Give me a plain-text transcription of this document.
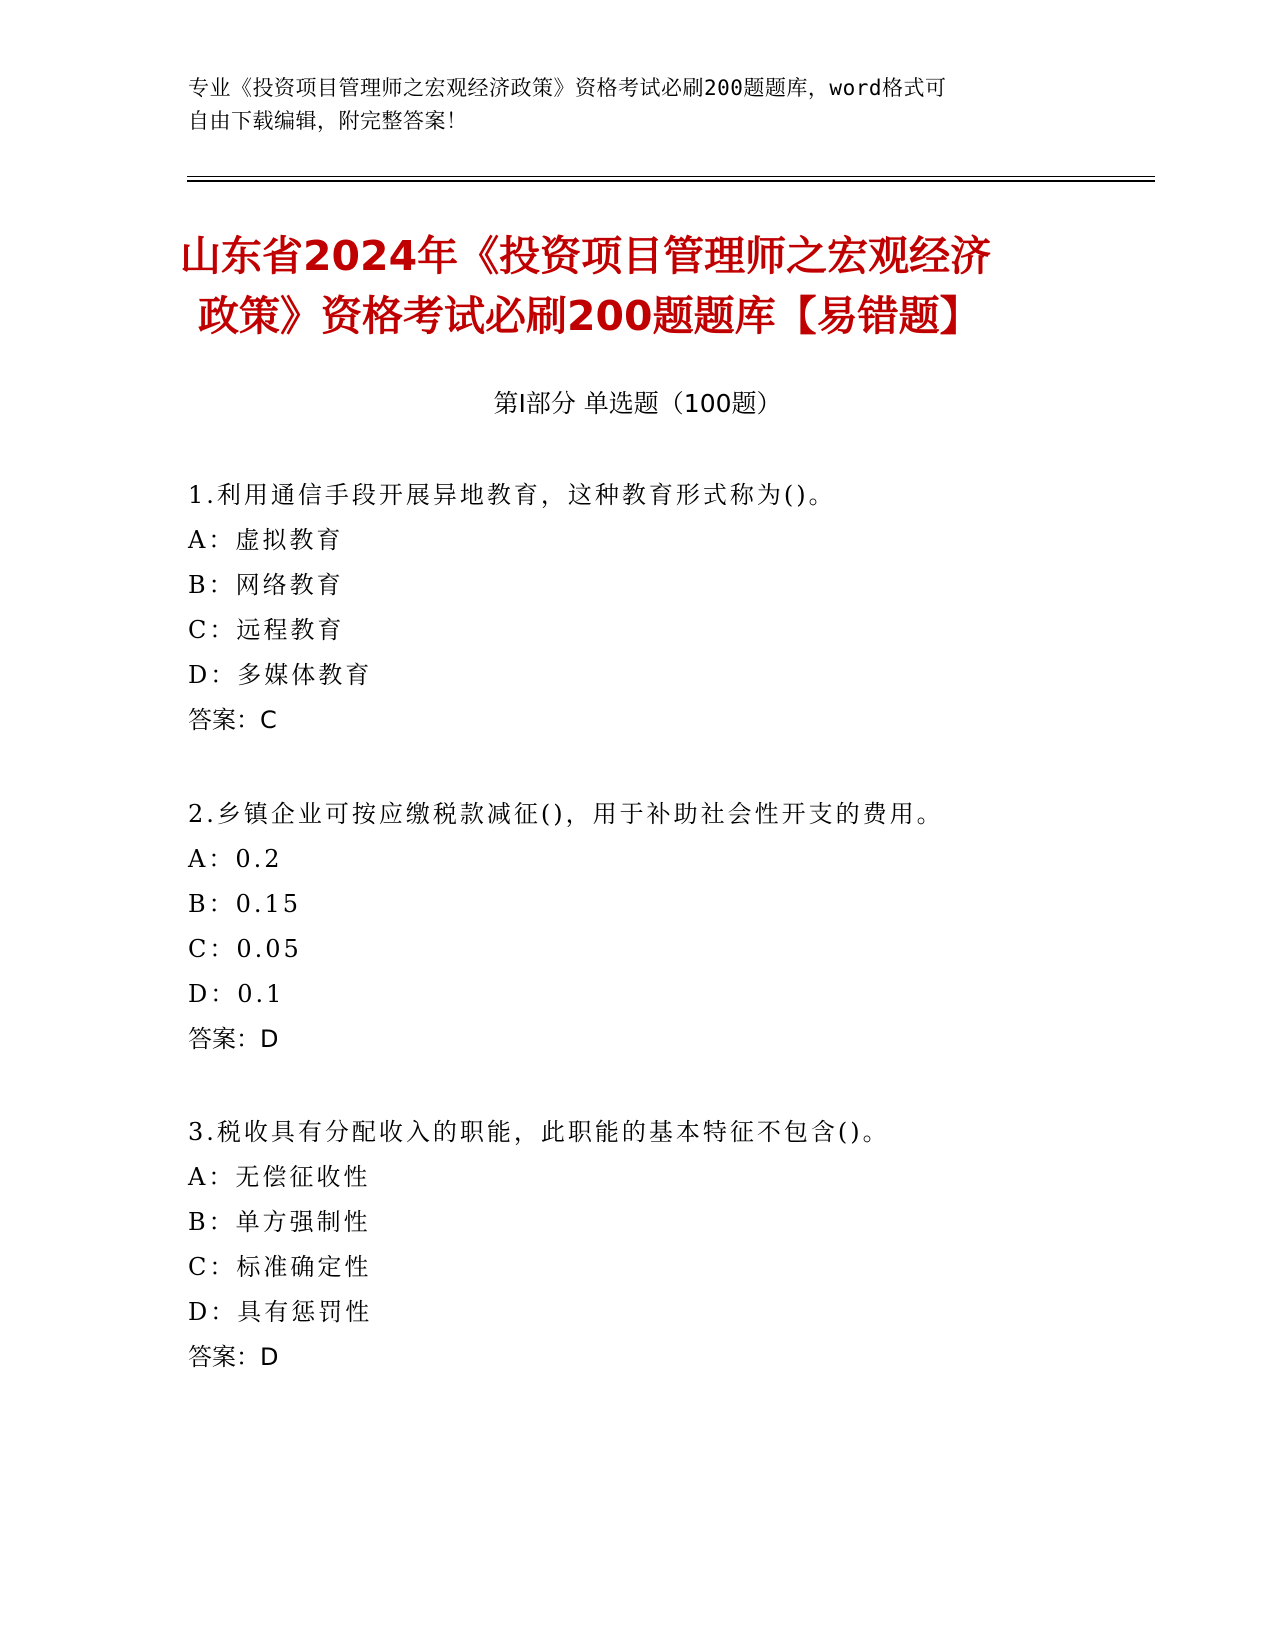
专业《投资项目管理师之宏观经济政策》资格考试必刷200题题库，word格式可
自由下载编辑，附完整答案！
山东省2024年《投资项目管理师之宏观经济
政策》资格考试必刷200题题库【易错题】
第Ⅰ部分 单选题（100题）
1.利用通信手段开展异地教育，这种教育形式称为()。
A：虚拟教育
B：网络教育
C：远程教育
D：多媒体教育
答案：C
2.乡镇企业可按应缴税款减征()，用于补助社会性开支的费用。
A：0.2
B：0.15
C：0.05
D：0.1
答案：D
3.税收具有分配收入的职能，此职能的基本特征不包含()。
A：无偿征收性
B：单方强制性
C：标准确定性
D：具有惩罚性
答案：D
